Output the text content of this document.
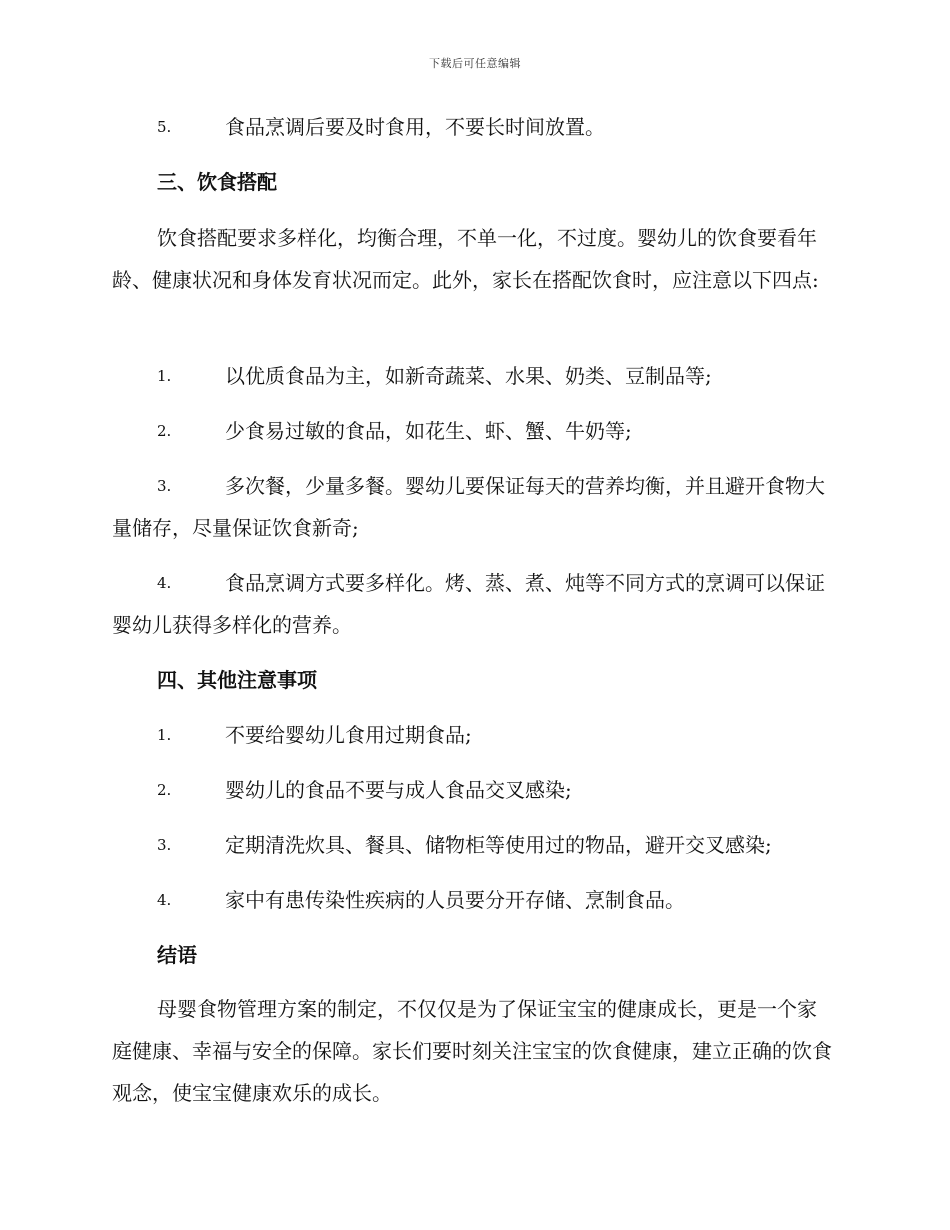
下载后可任意编辑
5.	食品烹调后要及时食用，不要长时间放置。
三、饮食搭配
饮食搭配要求多样化，均衡合理，不单一化，不过度。婴幼儿的饮食要看年龄、健康状况和身体发育状况而定。此外，家长在搭配饮食时，应注意以下四点:
1.	以优质食品为主，如新奇蔬菜、水果、奶类、豆制品等;
2.	少食易过敏的食品，如花生、虾、蟹、牛奶等;
3.	多次餐，少量多餐。婴幼儿要保证每天的营养均衡，并且避开食物大量储存，尽量保证饮食新奇;
4.	食品烹调方式要多样化。烤、蒸、煮、炖等不同方式的烹调可以保证婴幼儿获得多样化的营养。
四、其他注意事项
1.	不要给婴幼儿食用过期食品;
2.	婴幼儿的食品不要与成人食品交叉感染;
3.	定期清洗炊具、餐具、储物柜等使用过的物品，避开交叉感染;
4.	家中有患传染性疾病的人员要分开存储、烹制食品。
结语
母婴食物管理方案的制定，不仅仅是为了保证宝宝的健康成长，更是一个家庭健康、幸福与安全的保障。家长们要时刻关注宝宝的饮食健康，建立正确的饮食观念，使宝宝健康欢乐的成长。
